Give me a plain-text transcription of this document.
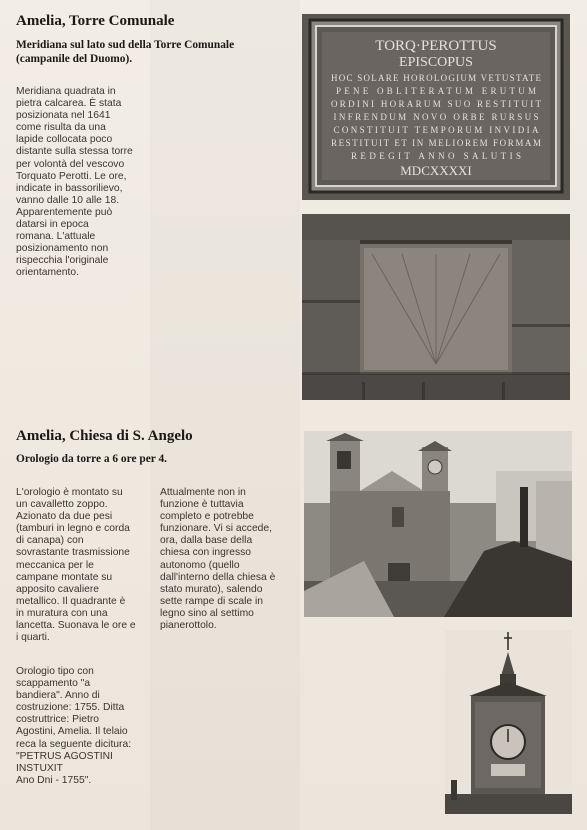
Amelia, Torre Comunale
Meridiana sul lato sud della Torre Comunale (campanile del Duomo).
Meridiana quadrata in
pietra calcarea. È stata
posizionata nel 1641
come risulta da una
lapide collocata poco
distante sulla stessa torre
per volontà del vescovo
Torquato Perotti. Le ore,
indicate in bassorilievo,
vanno dalle 10 alle 18.
Apparentemente può
datarsi in epoca
romana. L'attuale
posizionamento non
rispecchia l'originale
orientamento.
TORQ·PEROTTUS
EPISCOPUS
HOC SOLARE HOROLOGIUM VETUSTATE
PENE OBLITERATUM ERUTUM
ORDINI HORARUM SUO RESTITUIT
INFRENDUM NOVO ORBE RURSUS
CONSTITUIT TEMPORUM INVIDIA
RESTITUIT ET IN MELIOREM FORMAM
REDEGIT ANNO SALUTIS
MDCXXXXI
Amelia, Chiesa di S. Angelo
Orologio da torre a 6 ore per 4.
L'orologio è montato su
un cavalletto zoppo.
Azionato da due pesi
(tamburi in legno e corda
di canapa) con
sovrastante trasmissione
meccanica per le
campane montate su
apposito cavaliere
metallico. Il quadrante è
in muratura con una
lancetta. Suonava le ore e
i quarti.
Orologio tipo con
scappamento "a
bandiera". Anno di
costruzione: 1755. Ditta
costruttrice: Pietro
Agostini, Amelia. Il telaio
reca la seguente dicitura:
"PETRUS AGOSTINI
INSTUXIT
Ano Dni - 1755".
Attualmente non in
funzione è tuttavia
completo e potrebbe
funzionare. Vi si accede,
ora, dalla base della
chiesa con ingresso
autonomo (quello
dall'interno della chiesa è
stato murato), salendo
sette rampe di scale in
legno sino al settimo
pianerottolo.
